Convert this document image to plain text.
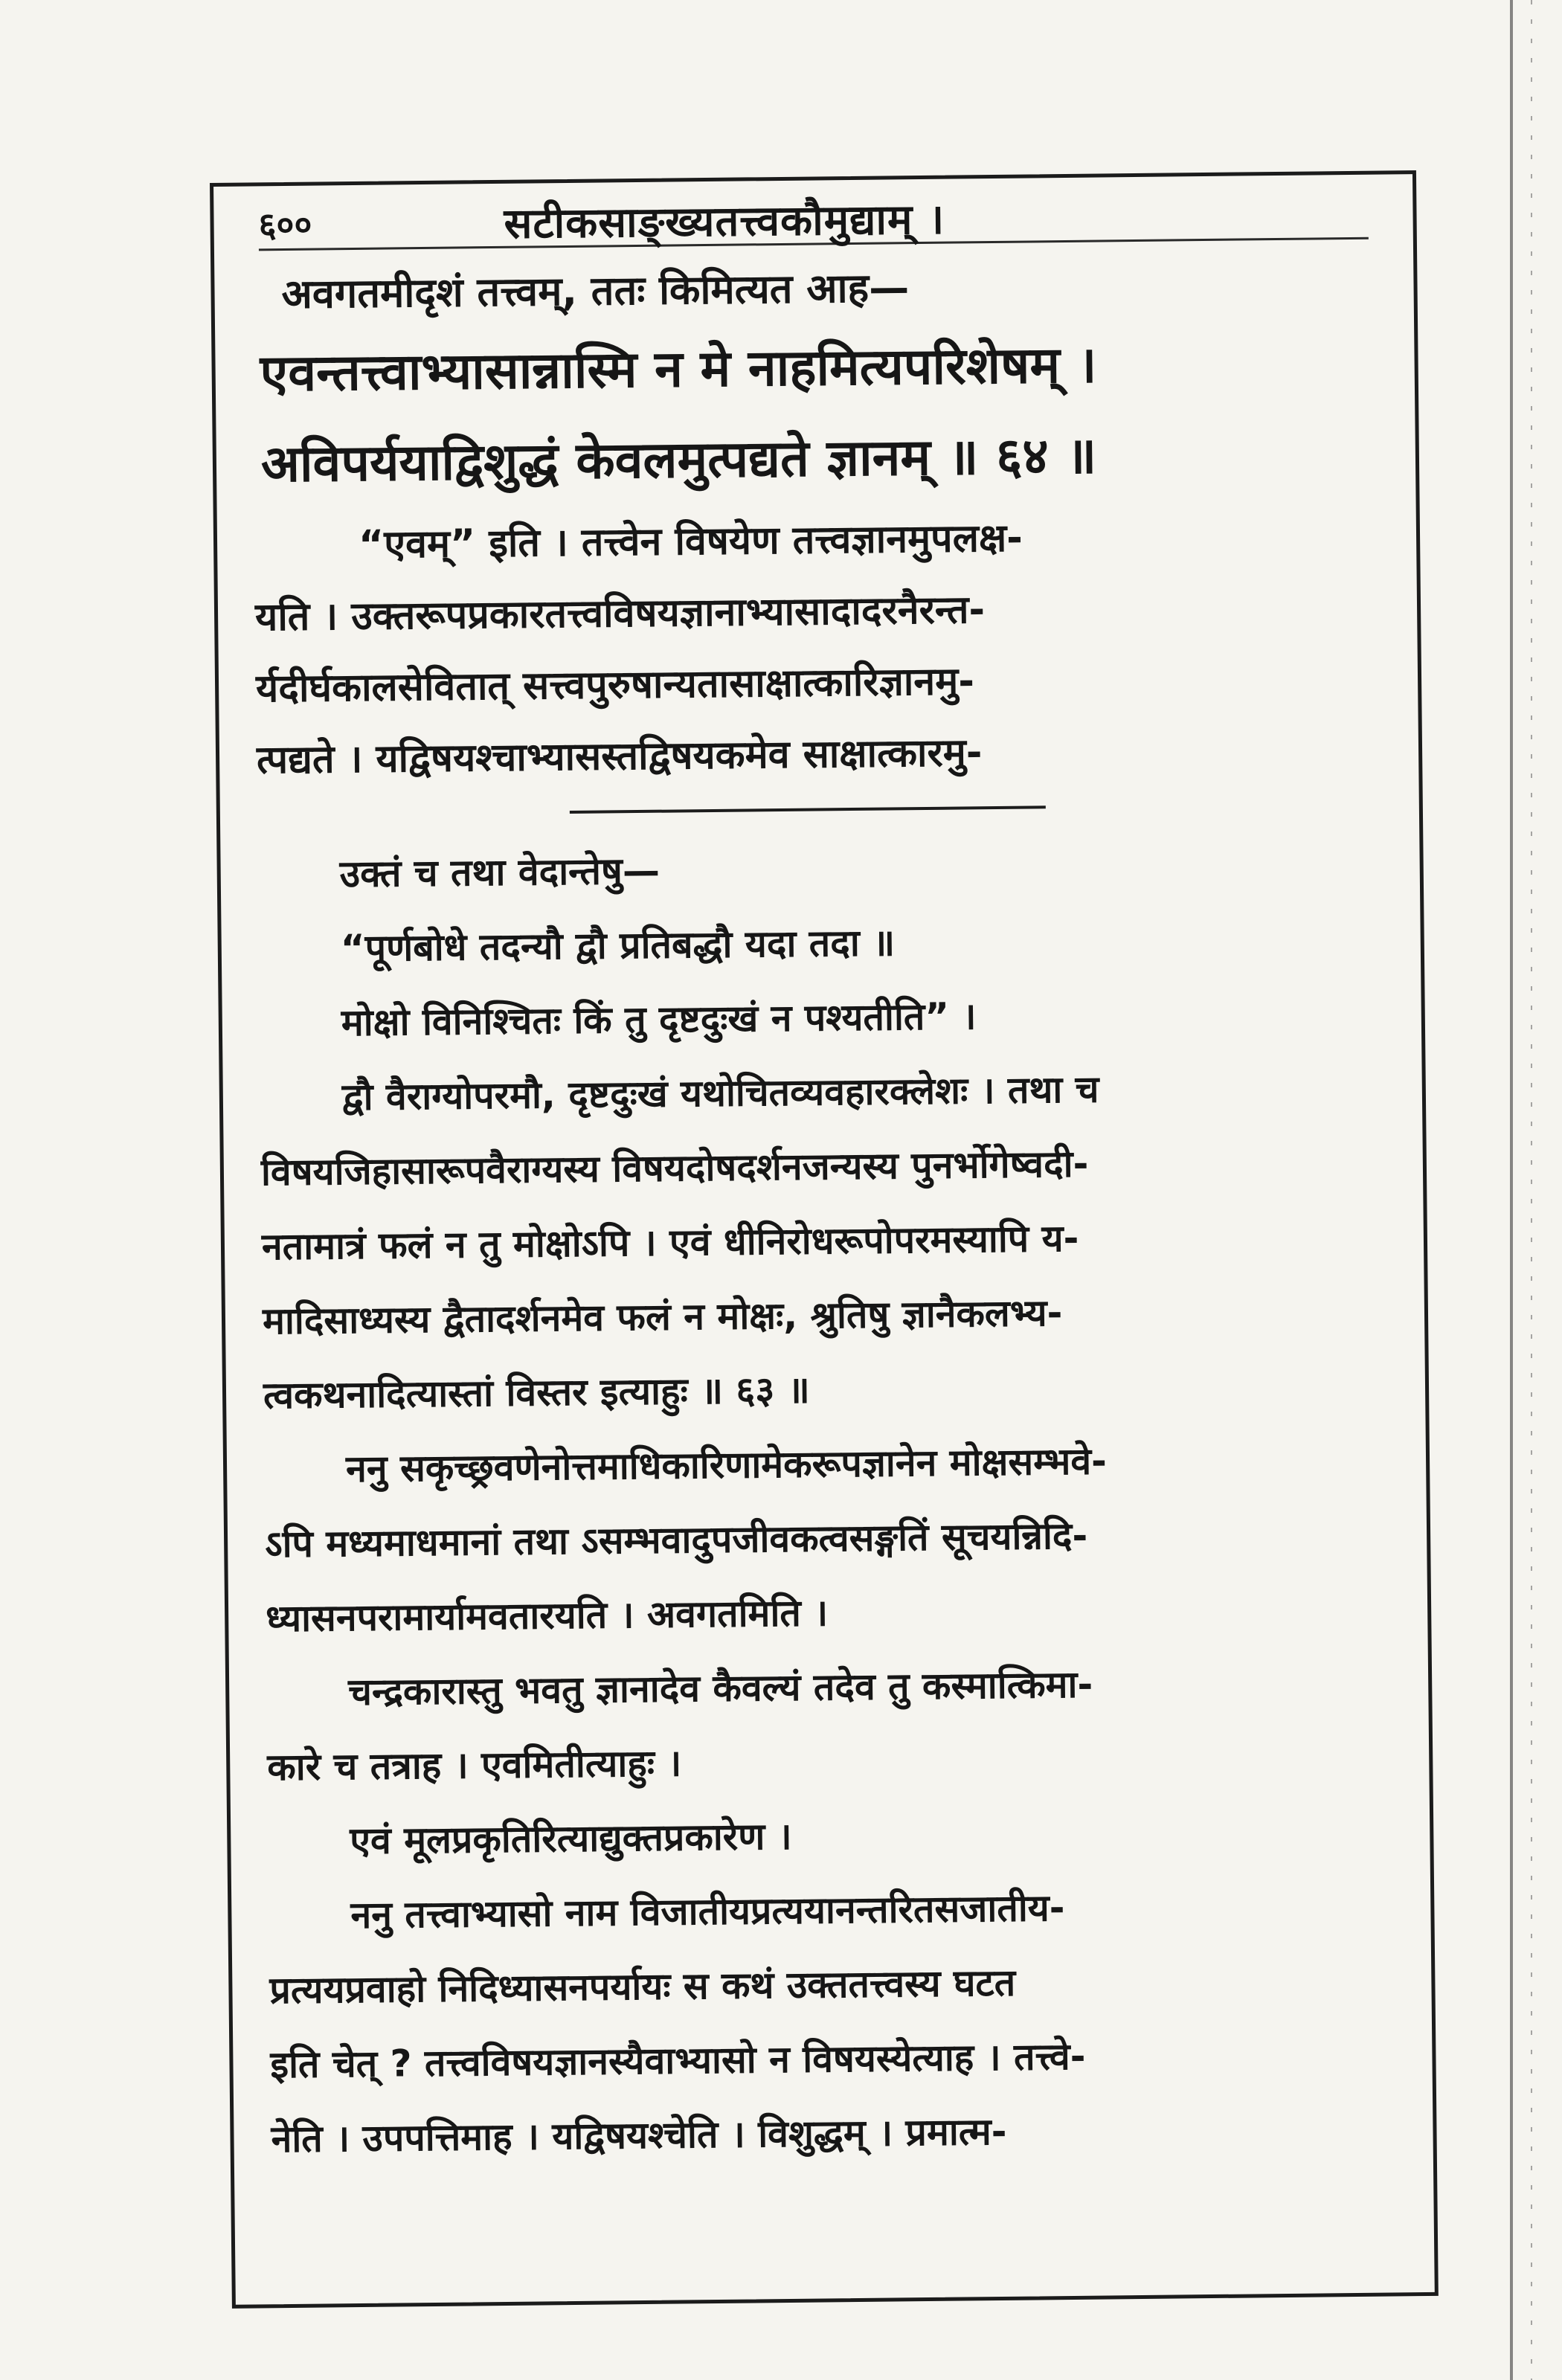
६००	सटीकसाङ्ख्यतत्त्वकौमुद्याम् ।
अवगतमीदृशं तत्त्वम्, ततः किमित्यत आह—
एवन्तत्त्वाभ्यासान्नास्मि न मे नाहमित्यपरिशेषम् ।
अविपर्ययाद्विशुद्धं केवलमुत्पद्यते ज्ञानम् ॥ ६४ ॥
“एवम्” इति । तत्त्वेन विषयेण तत्त्वज्ञानमुपलक्ष-
यति । उक्तरूपप्रकारतत्त्वविषयज्ञानाभ्यासादादरनैरन्त-
र्यदीर्घकालसेवितात् सत्त्वपुरुषान्यतासाक्षात्कारिज्ञानमु-
त्पद्यते । यद्विषयश्चाभ्यासस्तद्विषयकमेव साक्षात्कारमु-
उक्तं च तथा वेदान्तेषु—
“पूर्णबोधे तदन्यौ द्वौ प्रतिबद्धौ यदा तदा ॥
मोक्षो विनिश्चितः किं तु दृष्टदुःखं न पश्यतीति” ।
द्वौ वैराग्योपरमौ, दृष्टदुःखं यथोचितव्यवहारक्लेशः । तथा च
विषयजिहासारूपवैराग्यस्य विषयदोषदर्शनजन्यस्य पुनर्भोगेष्वदी-
नतामात्रं फलं न तु मोक्षोऽपि । एवं धीनिरोधरूपोपरमस्यापि य-
मादिसाध्यस्य द्वैतादर्शनमेव फलं न मोक्षः, श्रुतिषु ज्ञानैकलभ्य-
त्वकथनादित्यास्तां विस्तर इत्याहुः ॥ ६३ ॥
ननु सकृच्छ्रवणेनोत्तमाधिकारिणामेकरूपज्ञानेन मोक्षसम्भवे-
ऽपि मध्यमाधमानां तथा ऽसम्भवादुपजीवकत्वसङ्गतिं सूचयन्निदि-
ध्यासनपरामार्यामवतारयति । अवगतमिति ।
चन्द्रकारास्तु भवतु ज्ञानादेव कैवल्यं तदेव तु कस्मात्किमा-
कारे च तत्राह । एवमितीत्याहुः ।
एवं मूलप्रकृतिरित्याद्युक्तप्रकारेण ।
ननु तत्त्वाभ्यासो नाम विजातीयप्रत्ययानन्तरितसजातीय-
प्रत्ययप्रवाहो निदिध्यासनपर्यायः स कथं उक्ततत्त्वस्य घटत
इति चेत् ? तत्त्वविषयज्ञानस्यैवाभ्यासो न विषयस्येत्याह । तत्त्वे-
नेति । उपपत्तिमाह । यद्विषयश्चेति । विशुद्धम् । प्रमात्म-
